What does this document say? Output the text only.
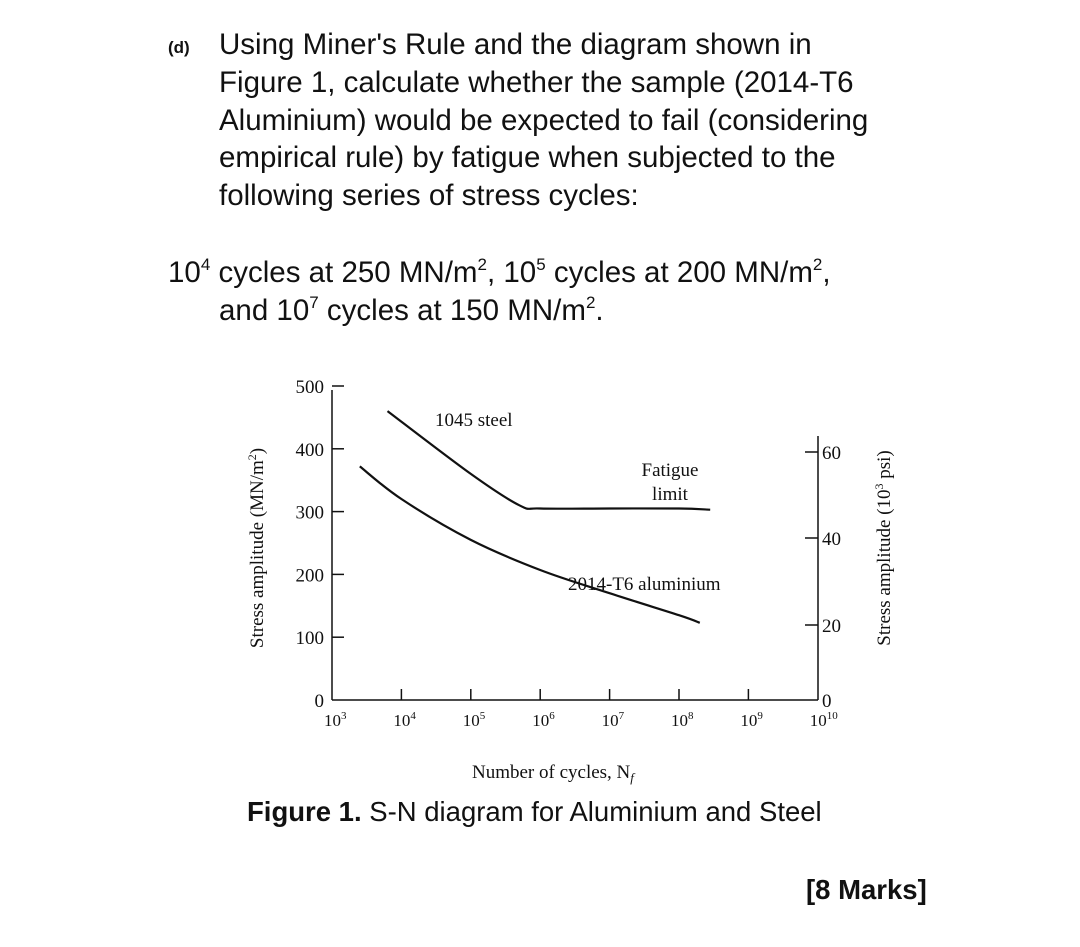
(d) Using Miner's Rule and the diagram shown in
Figure 1, calculate whether the sample (2014-T6
Aluminium) would be expected to fail (considering
empirical rule) by fatigue when subjected to the
following series of stress cycles:
$10^4$ cycles at 250 $MN/m^2$, $10^5$ cycles at 200 $MN/m^2$,
and $10^7$ cycles at 150 $MN/m^2$.
0
100
200
300
400
500
0
20
40
60
$10^3$	$10^4$	$10^5$	$10^6$	$10^7$	$10^8$	$10^9$	$10^{10}$
1045 steel
2014-T6 aluminium
Fatigue
limit
Number of cycles, $N_f$
Stress amplitude $(MN/m^2)$
Stress amplitude ($10^3$ psi)
Figure 1. S-N diagram for Aluminium and Steel
[8 Marks]
